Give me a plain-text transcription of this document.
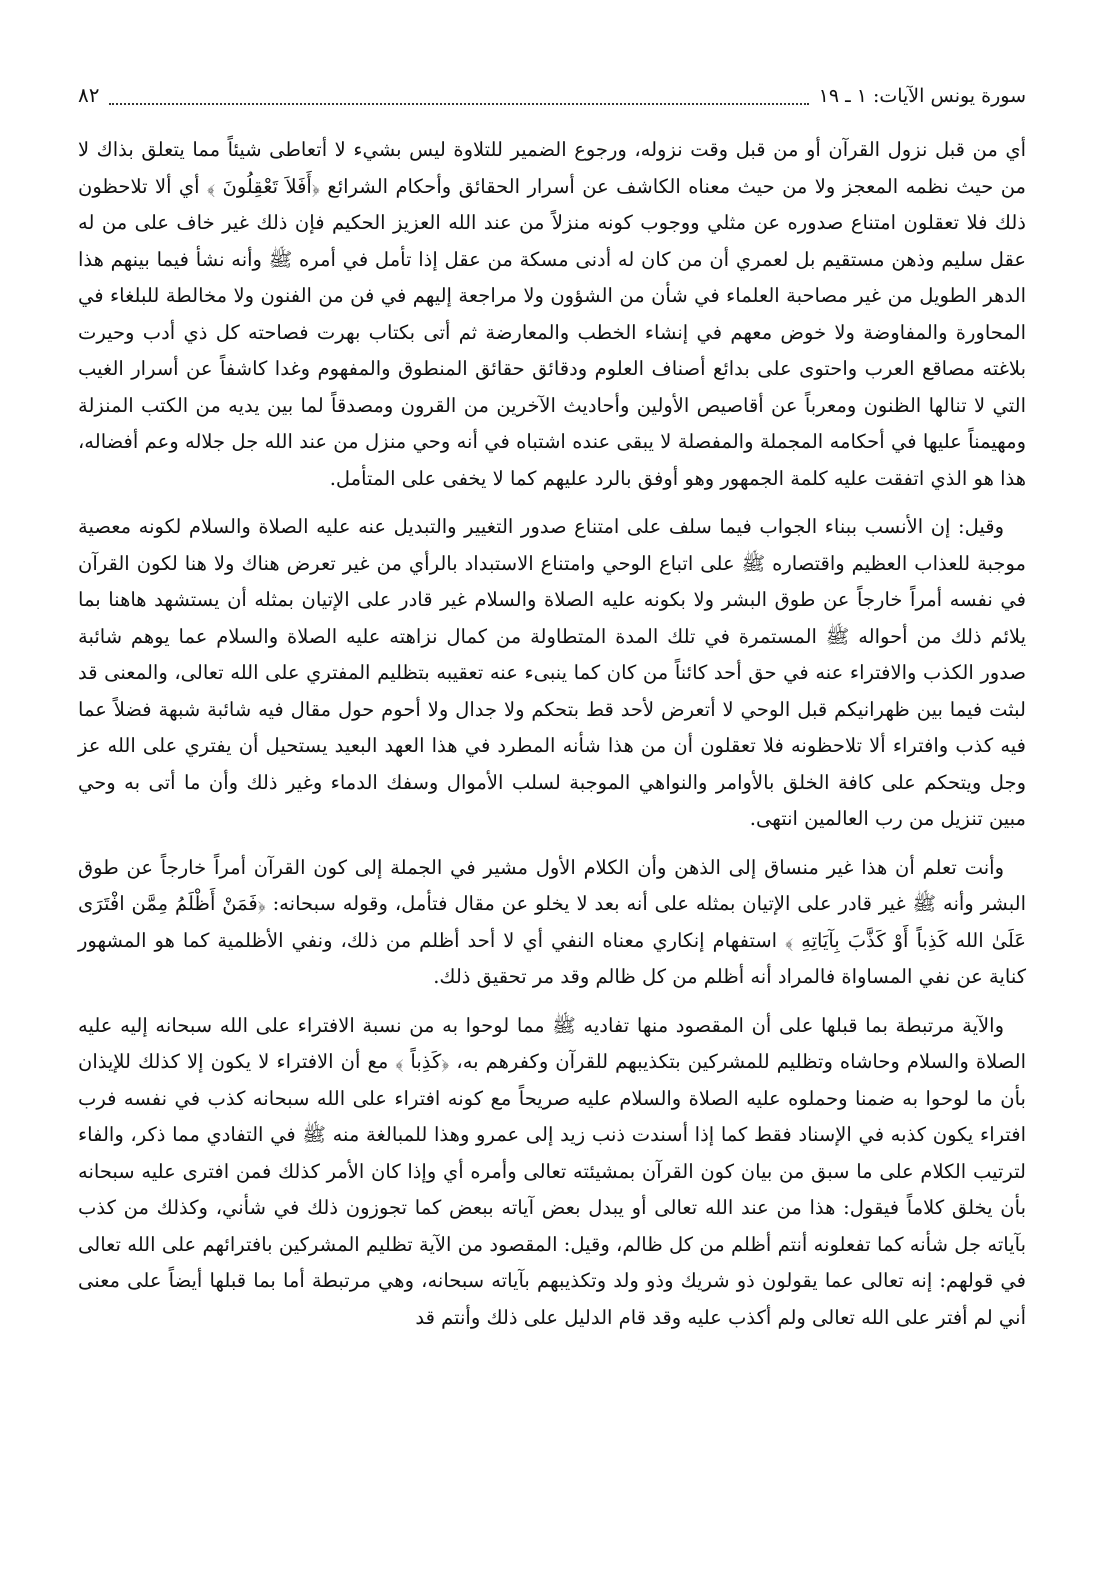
سورة يونس الآيات: ١ ـ ١٩
٨٢

أي من قبل نزول القرآن أو من قبل وقت نزوله، ورجوع الضمير للتلاوة ليس بشيء لا أتعاطى شيئاً مما يتعلق بذاك لا من حيث نظمه المعجز ولا من حيث معناه الكاشف عن أسرار الحقائق وأحكام الشرائع ﴿أَفَلاَ تَعْقِلُونَ ﴾ أي ألا تلاحظون ذلك فلا تعقلون امتناع صدوره عن مثلي ووجوب كونه منزلاً من عند الله العزيز الحكيم فإن ذلك غير خاف على من له عقل سليم وذهن مستقيم بل لعمري أن من كان له أدنى مسكة من عقل إذا تأمل في أمره ﷺ وأنه نشأ فيما بينهم هذا الدهر الطويل من غير مصاحبة العلماء في شأن من الشؤون ولا مراجعة إليهم في فن من الفنون ولا مخالطة للبلغاء في المحاورة والمفاوضة ولا خوض معهم في إنشاء الخطب والمعارضة ثم أتى بكتاب بهرت فصاحته كل ذي أدب وحيرت بلاغته مصاقع العرب واحتوى على بدائع أصناف العلوم ودقائق حقائق المنطوق والمفهوم وغدا كاشفاً عن أسرار الغيب التي لا تنالها الظنون ومعرباً عن أقاصيص الأولين وأحاديث الآخرين من القرون ومصدقاً لما بين يديه من الكتب المنزلة ومهيمناً عليها في أحكامه المجملة والمفصلة لا يبقى عنده اشتباه في أنه وحي منزل من عند الله جل جلاله وعم أفضاله، هذا هو الذي اتفقت عليه كلمة الجمهور وهو أوفق بالرد عليهم كما لا يخفى على المتأمل.

وقيل: إن الأنسب ببناء الجواب فيما سلف على امتناع صدور التغيير والتبديل عنه عليه الصلاة والسلام لكونه معصية موجبة للعذاب العظيم واقتصاره ﷺ على اتباع الوحي وامتناع الاستبداد بالرأي من غير تعرض هناك ولا هنا لكون القرآن في نفسه أمراً خارجاً عن طوق البشر ولا بكونه عليه الصلاة والسلام غير قادر على الإتيان بمثله أن يستشهد هاهنا بما يلائم ذلك من أحواله ﷺ المستمرة في تلك المدة المتطاولة من كمال نزاهته عليه الصلاة والسلام عما يوهم شائبة صدور الكذب والافتراء عنه في حق أحد كائناً من كان كما ينبىء عنه تعقيبه بتظليم المفتري على الله تعالى، والمعنى قد لبثت فيما بين ظهرانيكم قبل الوحي لا أتعرض لأحد قط بتحكم ولا جدال ولا أحوم حول مقال فيه شائبة شبهة فضلاً عما فيه كذب وافتراء ألا تلاحظونه فلا تعقلون أن من هذا شأنه المطرد في هذا العهد البعيد يستحيل أن يفتري على الله عز وجل ويتحكم على كافة الخلق بالأوامر والنواهي الموجبة لسلب الأموال وسفك الدماء وغير ذلك وأن ما أتى به وحي مبين تنزيل من رب العالمين انتهى.

وأنت تعلم أن هذا غير منساق إلى الذهن وأن الكلام الأول مشير في الجملة إلى كون القرآن أمراً خارجاً عن طوق البشر وأنه ﷺ غير قادر على الإتيان بمثله على أنه بعد لا يخلو عن مقال فتأمل، وقوله سبحانه: ﴿فَمَنْ أَظْلَمُ مِمَّن افْتَرَى عَلَىٰ الله كَذِباً أَوْ كَذَّبَ بِآيَاتِهِ ﴾ استفهام إنكاري معناه النفي أي لا أحد أظلم من ذلك، ونفي الأظلمية كما هو المشهور كناية عن نفي المساواة فالمراد أنه أظلم من كل ظالم وقد مر تحقيق ذلك.

والآية مرتبطة بما قبلها على أن المقصود منها تفاديه ﷺ مما لوحوا به من نسبة الافتراء على الله سبحانه إليه عليه الصلاة والسلام وحاشاه وتظليم للمشركين بتكذيبهم للقرآن وكفرهم به، ﴿كَذِباً ﴾ مع أن الافتراء لا يكون إلا كذلك للإيذان بأن ما لوحوا به ضمنا وحملوه عليه الصلاة والسلام عليه صريحاً مع كونه افتراء على الله سبحانه كذب في نفسه فرب افتراء يكون كذبه في الإسناد فقط كما إذا أسندت ذنب زيد إلى عمرو وهذا للمبالغة منه ﷺ في التفادي مما ذكر، والفاء لترتيب الكلام على ما سبق من بيان كون القرآن بمشيئته تعالى وأمره أي وإذا كان الأمر كذلك فمن افترى عليه سبحانه بأن يخلق كلاماً فيقول: هذا من عند الله تعالى أو يبدل بعض آياته ببعض كما تجوزون ذلك في شأني، وكذلك من كذب بآياته جل شأنه كما تفعلونه أنتم أظلم من كل ظالم، وقيل: المقصود من الآية تظليم المشركين بافترائهم على الله تعالى في قولهم: إنه تعالى عما يقولون ذو شريك وذو ولد وتكذيبهم بآياته سبحانه، وهي مرتبطة أما بما قبلها أيضاً على معنى أني لم أفتر على الله تعالى ولم أكذب عليه وقد قام الدليل على ذلك وأنتم قد
